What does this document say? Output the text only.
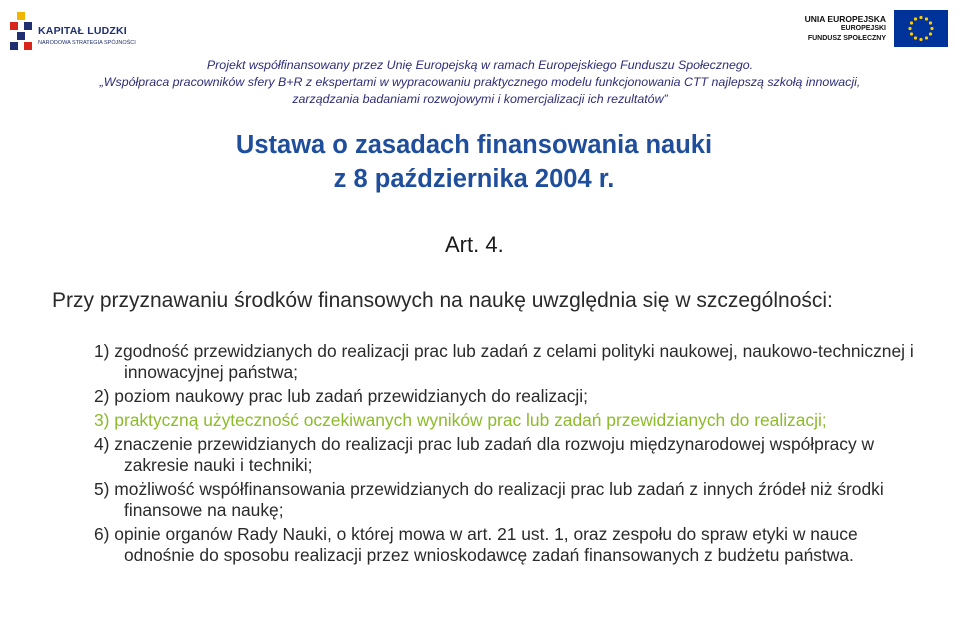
KAPITAŁ LUDZKI
NARODOWA STRATEGIA SPÓJNOŚCI
UNIA EUROPEJSKA
EUROPEJSKI
FUNDUSZ SPOŁECZNY
Projekt współfinansowany przez Unię Europejską w ramach Europejskiego Funduszu Społecznego.
„Współpraca pracowników sfery B+R z ekspertami w wypracowaniu praktycznego modelu funkcjonowania CTT najlepszą szkołą innowacji,
zarządzania badaniami rozwojowymi i komercjalizacji ich rezultatów”
Ustawa o zasadach finansowania nauki
z 8 października 2004 r.
Art. 4.
Przy przyznawaniu środków finansowych na naukę uwzględnia się w szczególności:
1) zgodność przewidzianych do realizacji prac lub zadań z celami polityki naukowej, naukowo-technicznej i innowacyjnej państwa;
2) poziom naukowy prac lub zadań przewidzianych do realizacji;
3) praktyczną użyteczność oczekiwanych wyników prac lub zadań przewidzianych do realizacji;
4) znaczenie przewidzianych do realizacji prac lub zadań dla rozwoju międzynarodowej współpracy w zakresie nauki i techniki;
5) możliwość współfinansowania przewidzianych do realizacji prac lub zadań z innych źródeł niż środki finansowe na naukę;
6) opinie organów Rady Nauki, o której mowa w art. 21 ust. 1, oraz zespołu do spraw etyki w nauce odnośnie do sposobu realizacji przez wnioskodawcę zadań finansowanych z budżetu państwa.
